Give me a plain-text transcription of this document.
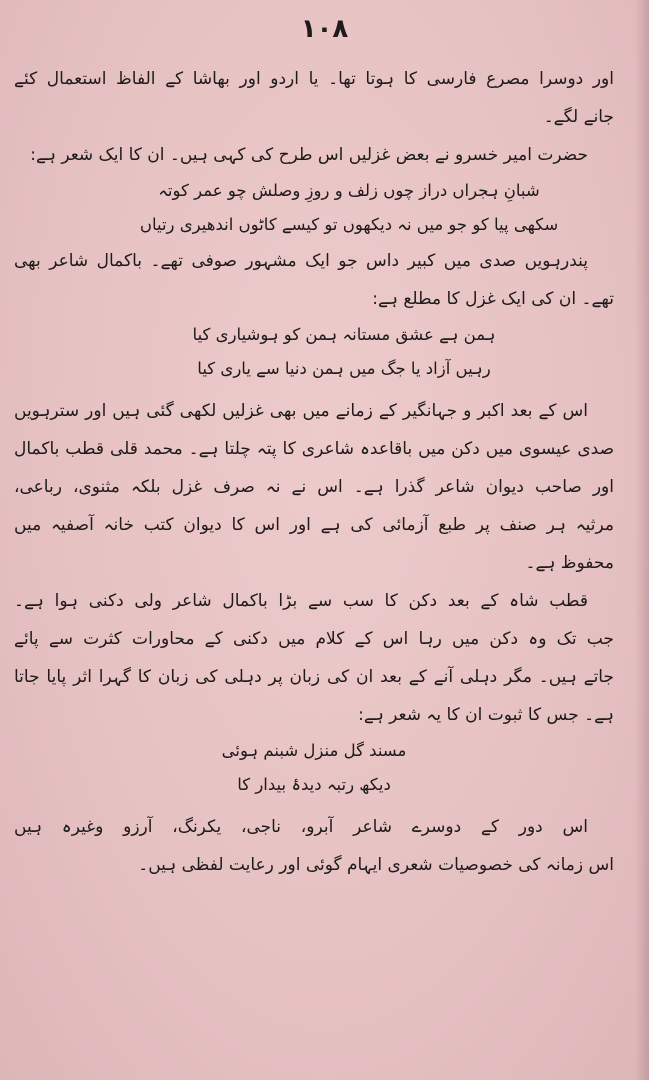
۱۰۸
اور دوسرا مصرع فارسی کا ہوتا تھا۔ یا اردو اور بھاشا کے الفاظ استعمال کئے
جانے لگے۔
حضرت امیر خسرو نے بعض غزلیں اس طرح کی کہی ہیں۔ ان کا ایک شعر ہے:
شبانِ ہجراں دراز چوں زلف و روزِ وصلش چو عمر کوتہ
سکھی پیا کو جو میں نہ دیکھوں تو کیسے کاٹوں اندھیری رتیاں
پندرہویں صدی میں کبیر داس جو ایک مشہور صوفی تھے۔ باکمال شاعر بھی
تھے۔ ان کی ایک غزل کا مطلع ہے:
ہمن ہے عشق مستانہ ہمن کو ہوشیاری کیا
رہیں آزاد یا جگ میں ہمن دنیا سے یاری کیا
اس کے بعد اکبر و جہانگیر کے زمانے میں بھی غزلیں لکھی گئی ہیں اور سترہویں
صدی عیسوی میں دکن میں باقاعدہ شاعری کا پتہ چلتا ہے۔ محمد قلی قطب باکمال
اور صاحب دیوان شاعر گذرا ہے۔ اس نے نہ صرف غزل بلکہ مثنوی، رباعی،
مرثیہ ہر صنف پر طبع آزمائی کی ہے اور اس کا دیوان کتب خانہ آصفیہ میں
محفوظ ہے۔
قطب شاہ کے بعد دکن کا سب سے بڑا باکمال شاعر ولی دکنی ہوا ہے۔
جب تک وہ دکن میں رہا اس کے کلام میں دکنی کے محاورات کثرت سے پائے
جاتے ہیں۔ مگر دہلی آنے کے بعد ان کی زبان پر دہلی کی زبان کا گہرا اثر پایا جاتا
ہے۔ جس کا ثبوت ان کا یہ شعر ہے:
مسند گل منزل شبنم ہوئی
دیکھ رتبہ دیدۂ بیدار کا
اس دور کے دوسرے شاعر آبرو، ناجی، یکرنگ، آرزو وغیرہ ہیں
اس زمانہ کی خصوصیات شعری ایہام گوئی اور رعایت لفظی ہیں۔
